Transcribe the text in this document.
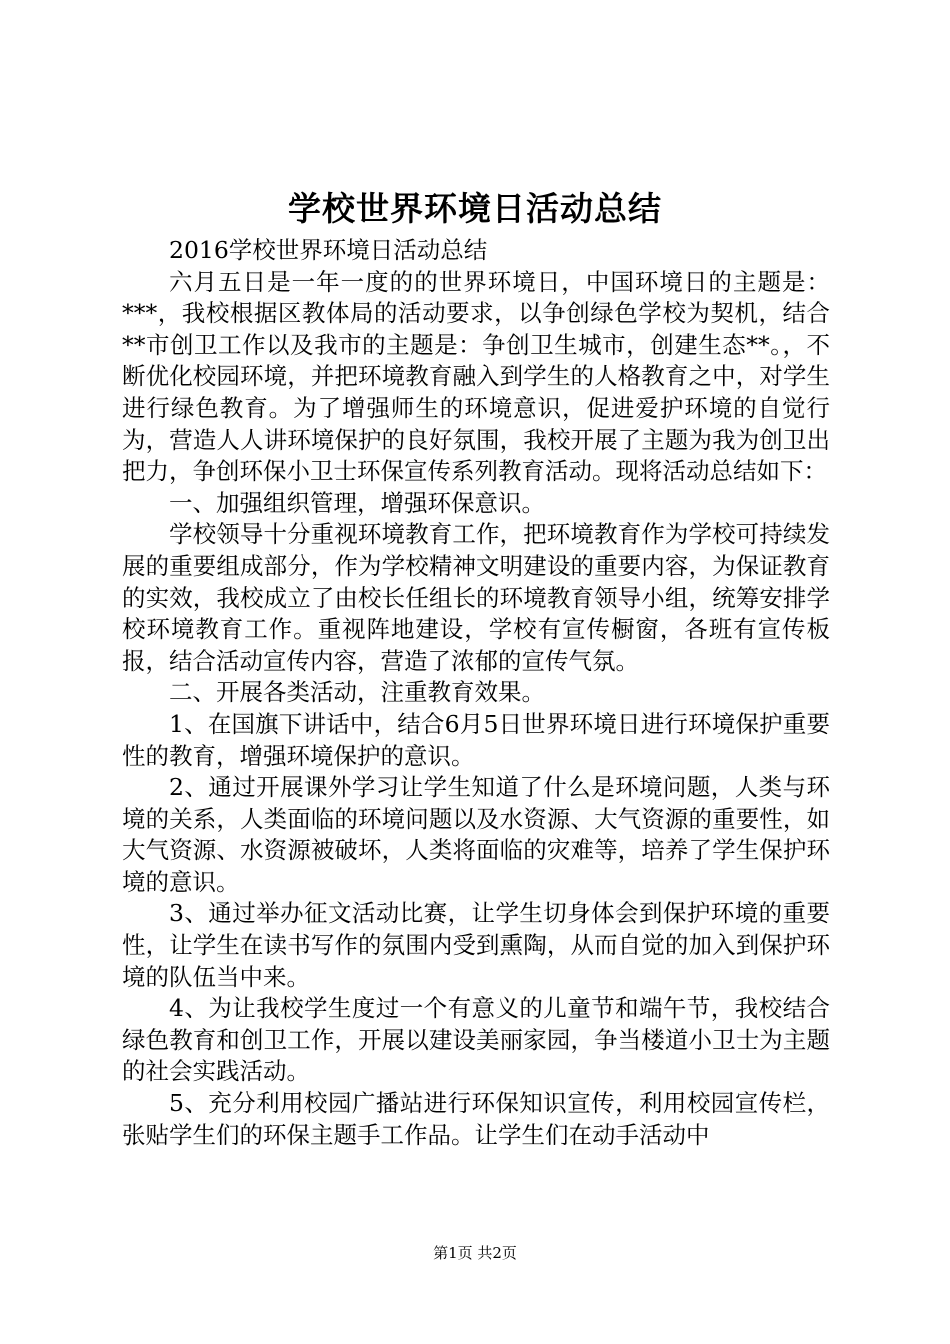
学校世界环境日活动总结

2016学校世界环境日活动总结

六月五日是一年一度的的世界环境日，中国环境日的主题是：***，我校根据区教体局的活动要求，以争创绿色学校为契机，结合**市创卫工作以及我市的主题是：争创卫生城市，创建生态**。，不断优化校园环境，并把环境教育融入到学生的人格教育之中，对学生进行绿色教育。为了增强师生的环境意识，促进爱护环境的自觉行为，营造人人讲环境保护的良好氛围，我校开展了主题为我为创卫出把力，争创环保小卫士环保宣传系列教育活动。现将活动总结如下：

一、加强组织管理，增强环保意识。

学校领导十分重视环境教育工作，把环境教育作为学校可持续发展的重要组成部分，作为学校精神文明建设的重要内容，为保证教育的实效，我校成立了由校长任组长的环境教育领导小组，统筹安排学校环境教育工作。重视阵地建设，学校有宣传橱窗，各班有宣传板报，结合活动宣传内容，营造了浓郁的宣传气氛。

二、开展各类活动，注重教育效果。

1、在国旗下讲话中，结合6月5日世界环境日进行环境保护重要性的教育，增强环境保护的意识。

2、通过开展课外学习让学生知道了什么是环境问题，人类与环境的关系，人类面临的环境问题以及水资源、大气资源的重要性，如大气资源、水资源被破坏，人类将面临的灾难等，培养了学生保护环境的意识。

3、通过举办征文活动比赛，让学生切身体会到保护环境的重要性，让学生在读书写作的氛围内受到熏陶，从而自觉的加入到保护环境的队伍当中来。

4、为让我校学生度过一个有意义的儿童节和端午节，我校结合绿色教育和创卫工作，开展以建设美丽家园，争当楼道小卫士为主题的社会实践活动。

5、充分利用校园广播站进行环保知识宣传，利用校园宣传栏，张贴学生们的环保主题手工作品。让学生们在动手活动中

第1页 共2页
